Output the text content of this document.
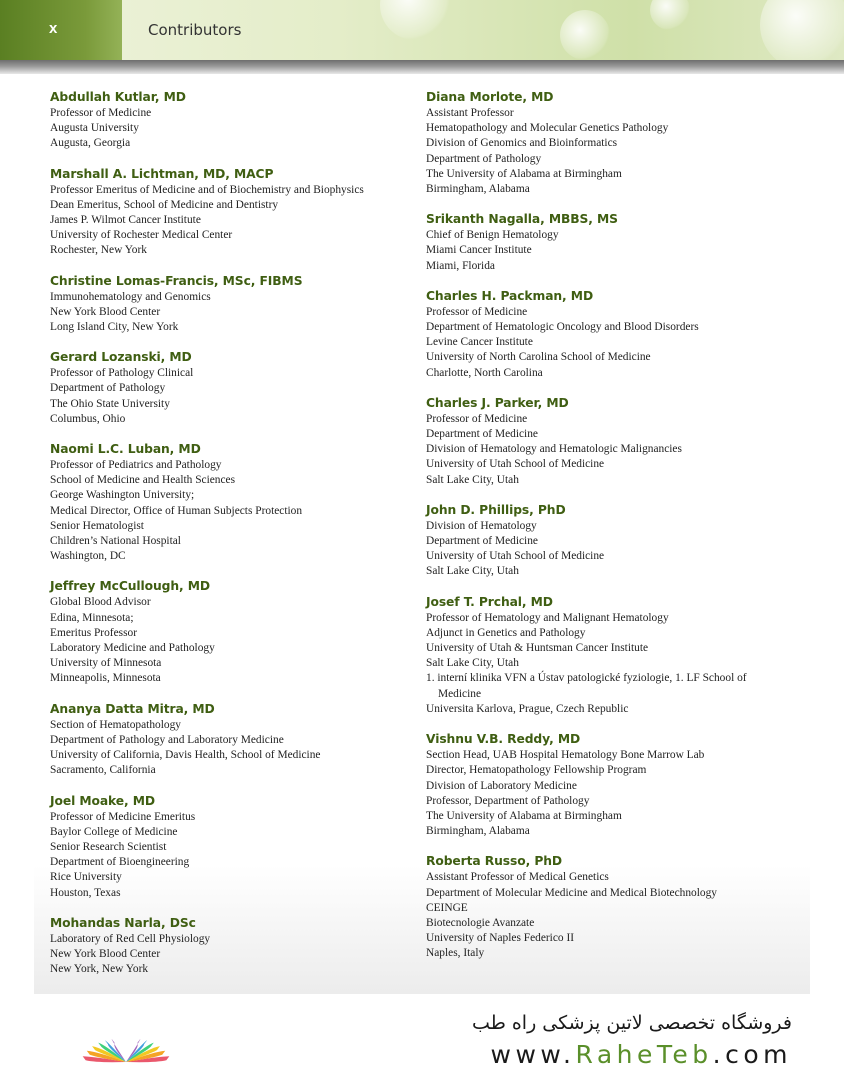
x	Contributors
Abdullah Kutlar, MD
Professor of Medicine
Augusta University
Augusta, Georgia
Marshall A. Lichtman, MD, MACP
Professor Emeritus of Medicine and of Biochemistry and Biophysics
Dean Emeritus, School of Medicine and Dentistry
James P. Wilmot Cancer Institute
University of Rochester Medical Center
Rochester, New York
Christine Lomas-Francis, MSc, FIBMS
Immunohematology and Genomics
New York Blood Center
Long Island City, New York
Gerard Lozanski, MD
Professor of Pathology Clinical
Department of Pathology
The Ohio State University
Columbus, Ohio
Naomi L.C. Luban, MD
Professor of Pediatrics and Pathology
School of Medicine and Health Sciences
George Washington University;
Medical Director, Office of Human Subjects Protection
Senior Hematologist
Children’s National Hospital
Washington, DC
Jeffrey McCullough, MD
Global Blood Advisor
Edina, Minnesota;
Emeritus Professor
Laboratory Medicine and Pathology
University of Minnesota
Minneapolis, Minnesota
Ananya Datta Mitra, MD
Section of Hematopathology
Department of Pathology and Laboratory Medicine
University of California, Davis Health, School of Medicine
Sacramento, California
Joel Moake, MD
Professor of Medicine Emeritus
Baylor College of Medicine
Senior Research Scientist
Department of Bioengineering
Rice University
Houston, Texas
Mohandas Narla, DSc
Laboratory of Red Cell Physiology
New York Blood Center
New York, New York
Diana Morlote, MD
Assistant Professor
Hematopathology and Molecular Genetics Pathology
Division of Genomics and Bioinformatics
Department of Pathology
The University of Alabama at Birmingham
Birmingham, Alabama
Srikanth Nagalla, MBBS, MS
Chief of Benign Hematology
Miami Cancer Institute
Miami, Florida
Charles H. Packman, MD
Professor of Medicine
Department of Hematologic Oncology and Blood Disorders
Levine Cancer Institute
University of North Carolina School of Medicine
Charlotte, North Carolina
Charles J. Parker, MD
Professor of Medicine
Department of Medicine
Division of Hematology and Hematologic Malignancies
University of Utah School of Medicine
Salt Lake City, Utah
John D. Phillips, PhD
Division of Hematology
Department of Medicine
University of Utah School of Medicine
Salt Lake City, Utah
Josef T. Prchal, MD
Professor of Hematology and Malignant Hematology
Adjunct in Genetics and Pathology
University of Utah & Huntsman Cancer Institute
Salt Lake City, Utah
1. interní klinika VFN a Ústav patologické fyziologie, 1. LF School of
Medicine
Universita Karlova, Prague, Czech Republic
Vishnu V.B. Reddy, MD
Section Head, UAB Hospital Hematology Bone Marrow Lab
Director, Hematopathology Fellowship Program
Division of Laboratory Medicine
Professor, Department of Pathology
The University of Alabama at Birmingham
Birmingham, Alabama
Roberta Russo, PhD
Assistant Professor of Medical Genetics
Department of Molecular Medicine and Medical Biotechnology
CEINGE
Biotecnologie Avanzate
University of Naples Federico II
Naples, Italy
فروشگاه تخصصی لاتین پزشکی راه طب
www.RaheTeb.com
